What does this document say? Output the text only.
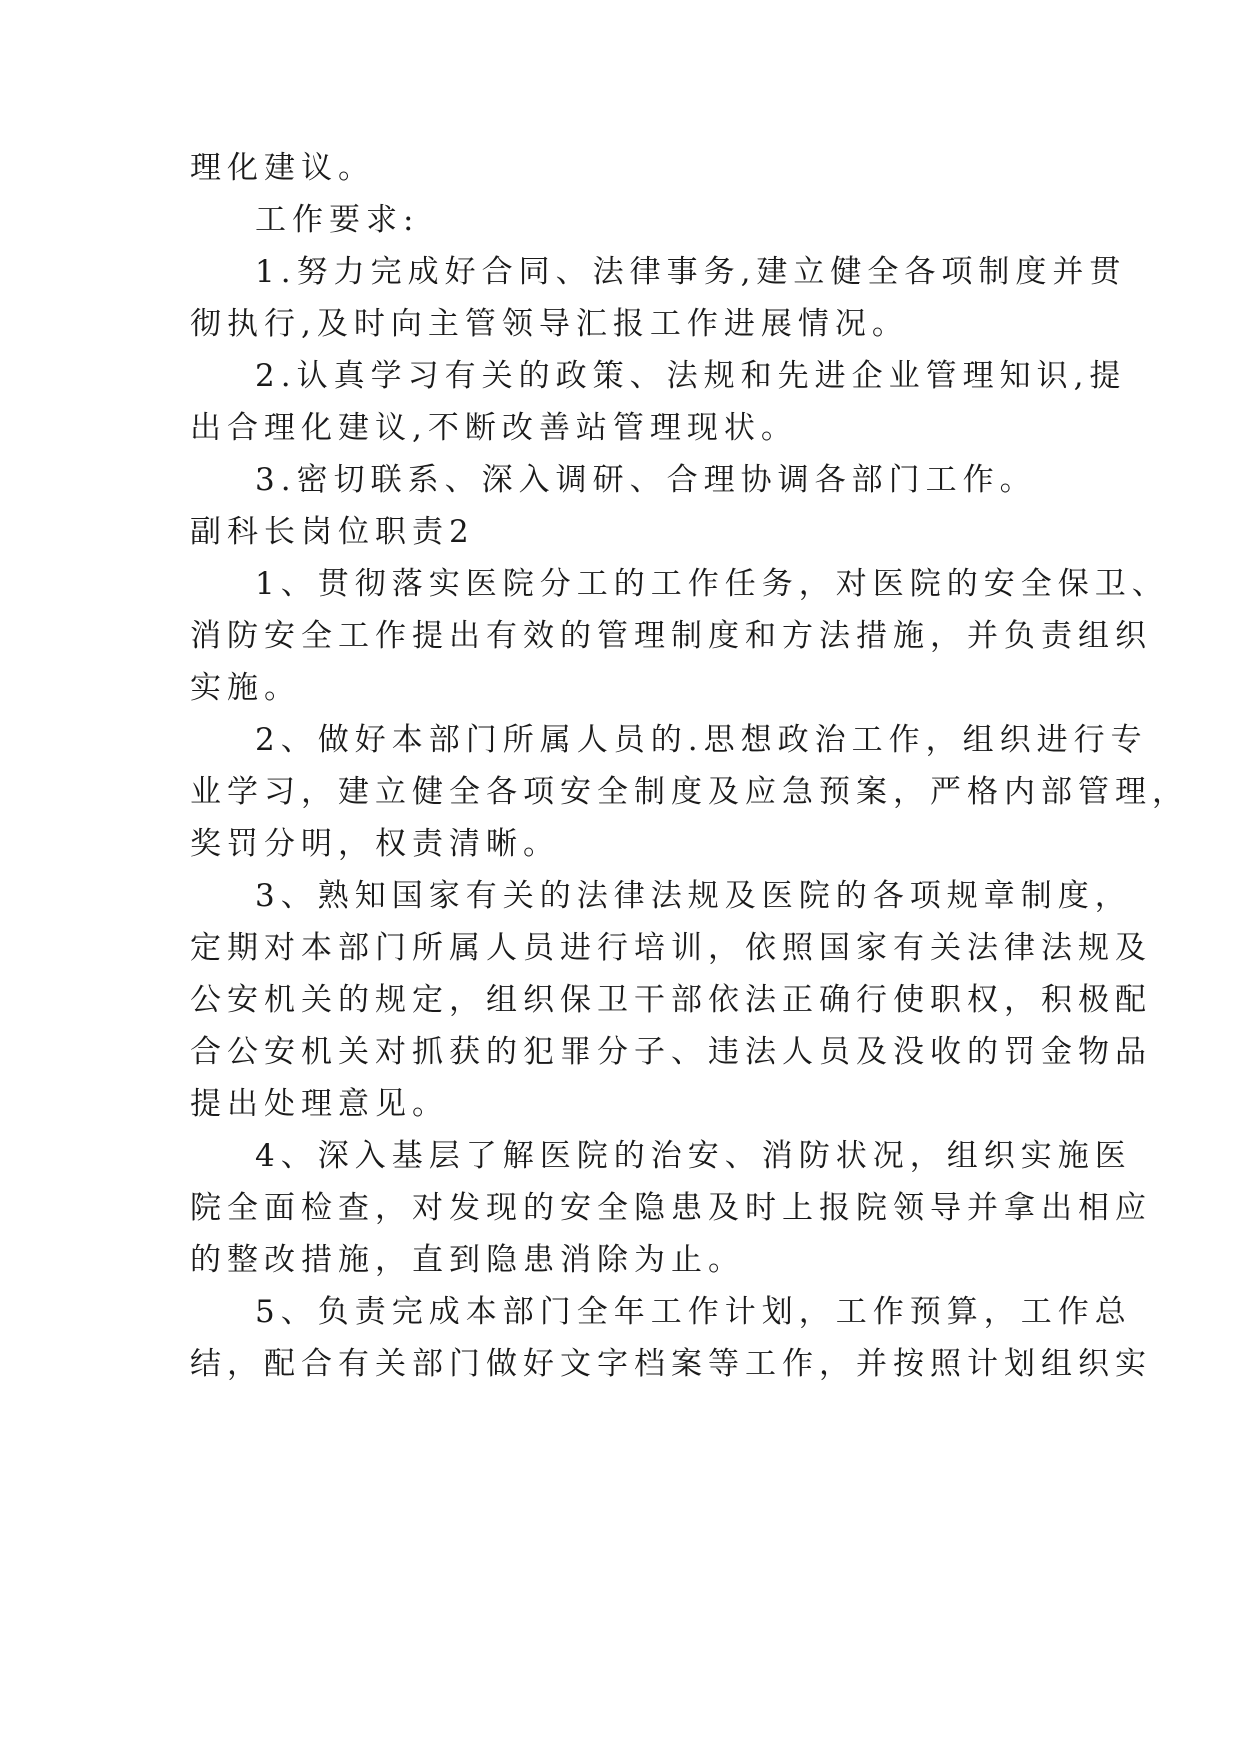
理化建议。

工作要求:

1.努力完成好合同、法律事务,建立健全各项制度并贯

彻执行,及时向主管领导汇报工作进展情况。

2.认真学习有关的政策、法规和先进企业管理知识,提

出合理化建议,不断改善站管理现状。

3.密切联系、深入调研、合理协调各部门工作。

副科长岗位职责2

1、贯彻落实医院分工的工作任务，对医院的安全保卫、

消防安全工作提出有效的管理制度和方法措施，并负责组织

实施。

2、做好本部门所属人员的.思想政治工作，组织进行专

业学习，建立健全各项安全制度及应急预案，严格内部管理，

奖罚分明，权责清晰。

3、熟知国家有关的法律法规及医院的各项规章制度，

定期对本部门所属人员进行培训，依照国家有关法律法规及

公安机关的规定，组织保卫干部依法正确行使职权，积极配

合公安机关对抓获的犯罪分子、违法人员及没收的罚金物品

提出处理意见。

4、深入基层了解医院的治安、消防状况，组织实施医

院全面检查，对发现的安全隐患及时上报院领导并拿出相应

的整改措施，直到隐患消除为止。

5、负责完成本部门全年工作计划，工作预算，工作总

结，配合有关部门做好文字档案等工作，并按照计划组织实
